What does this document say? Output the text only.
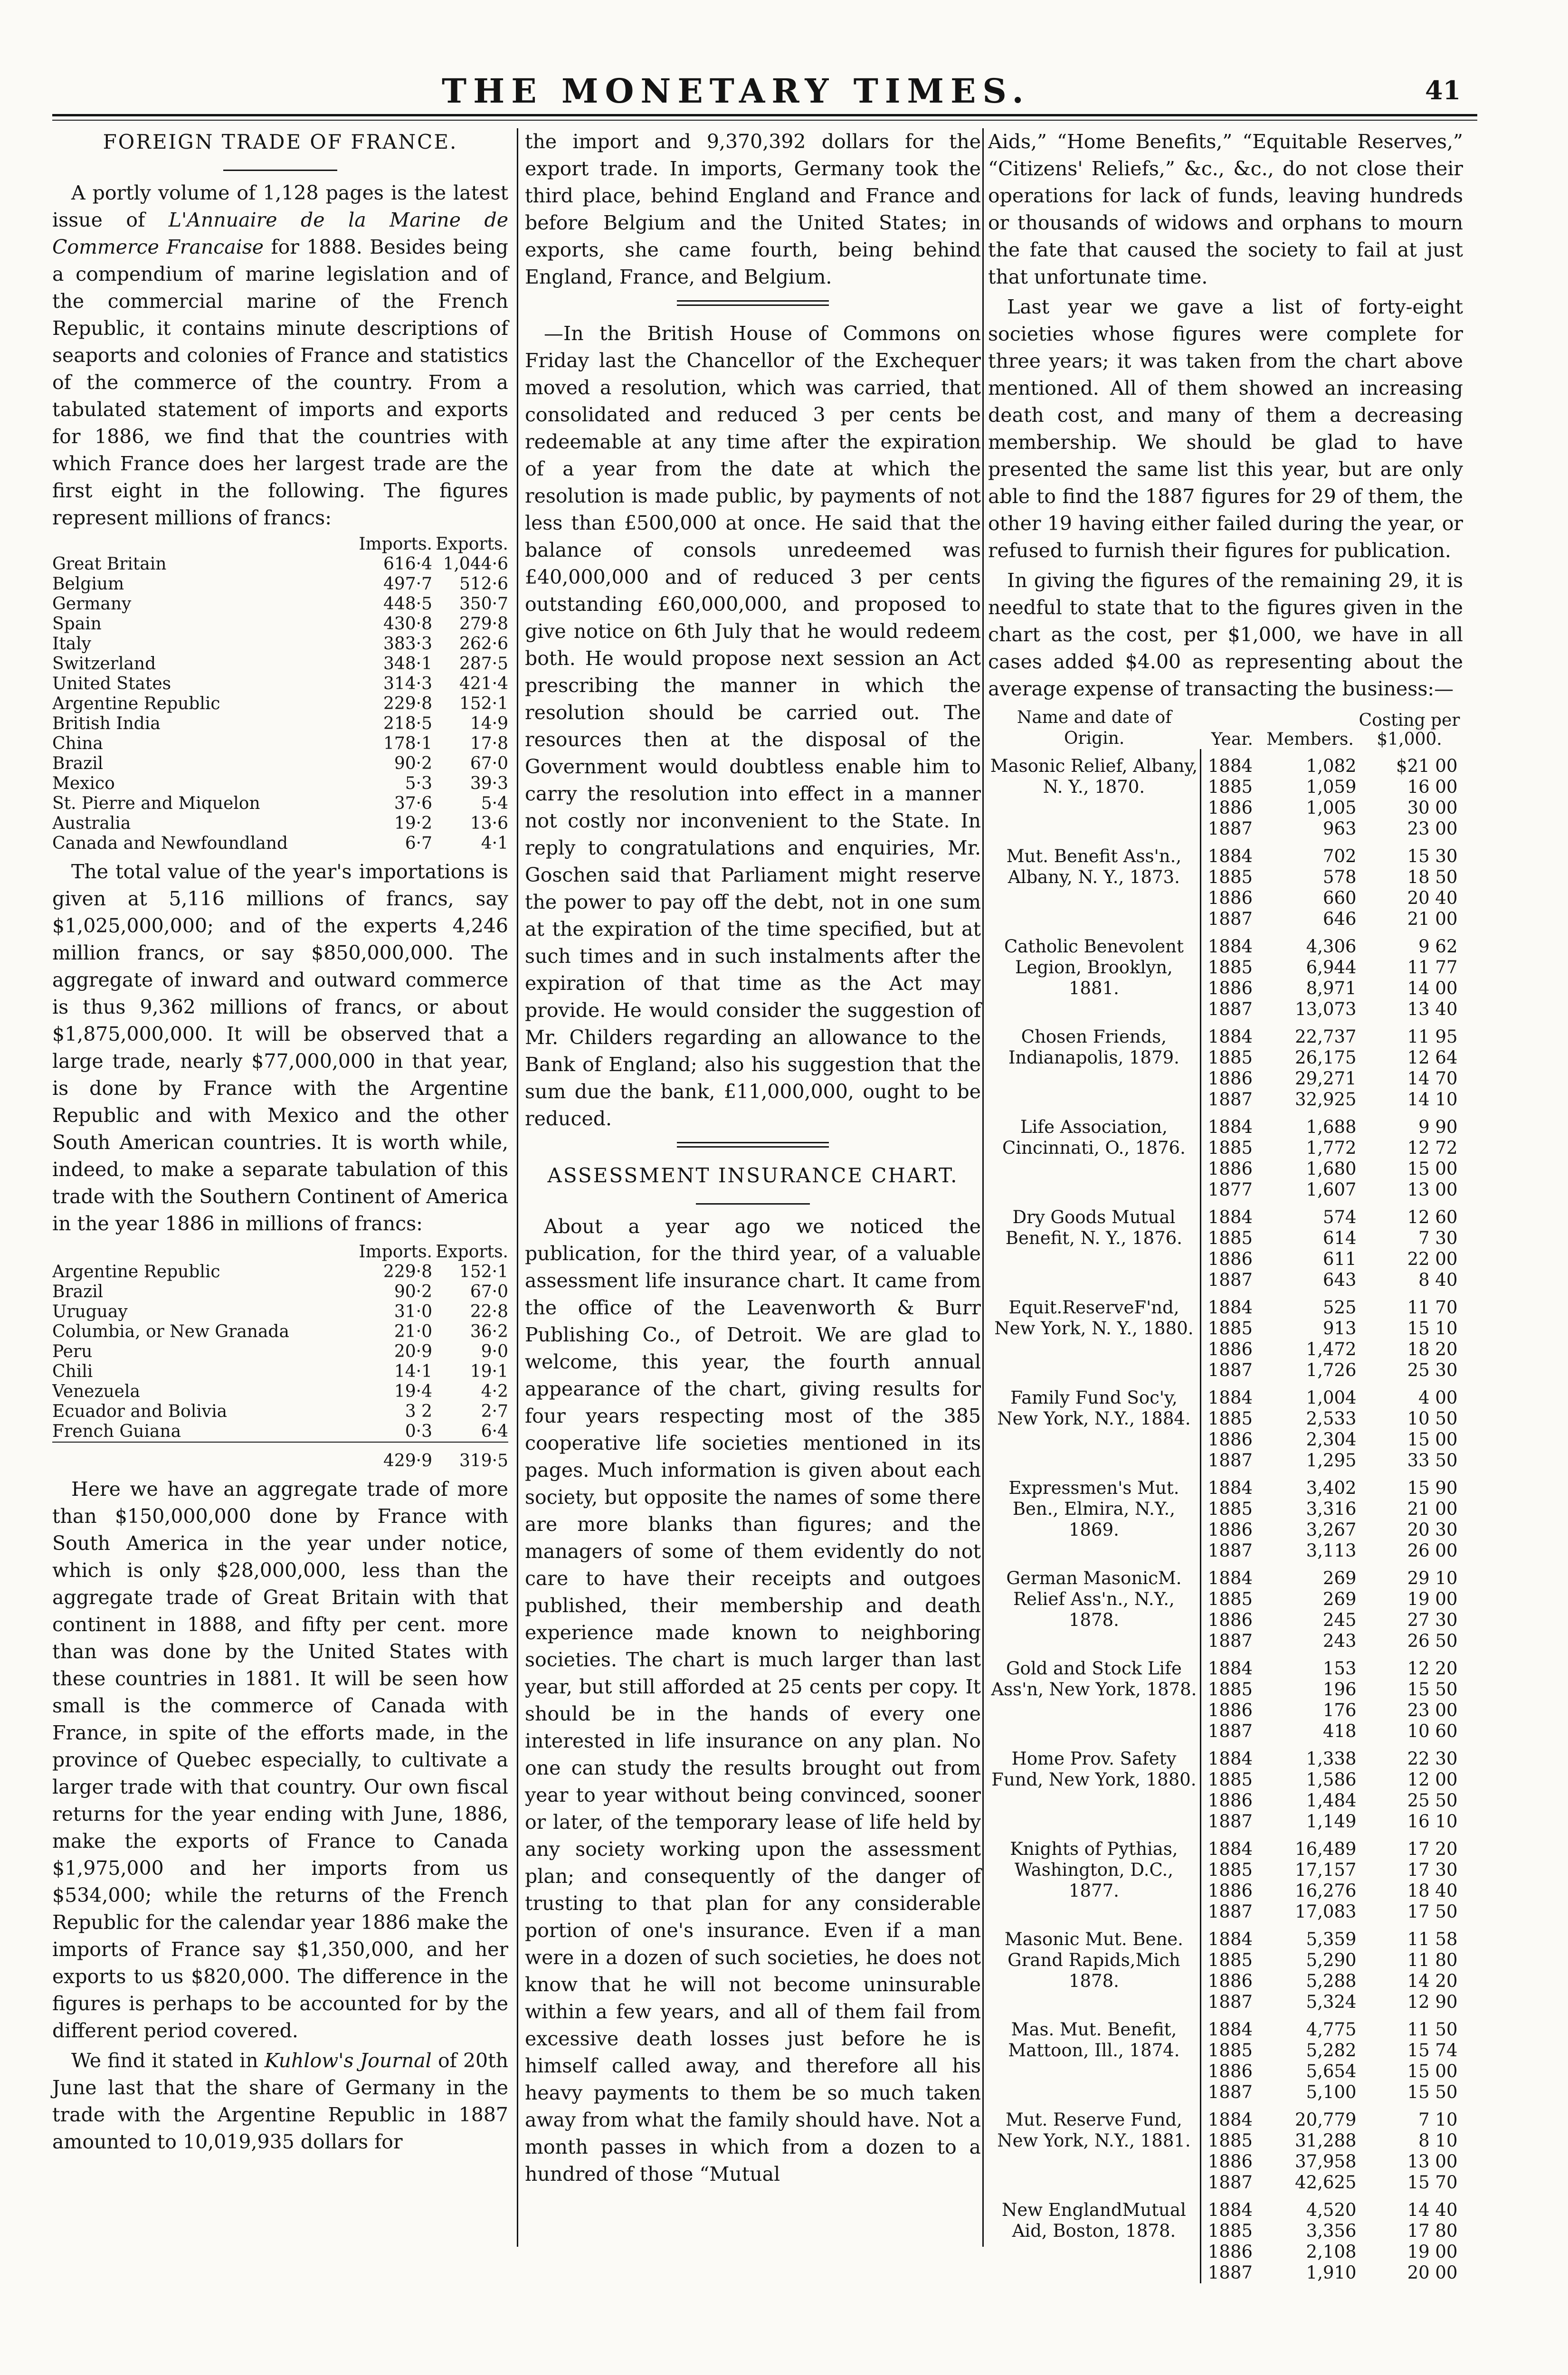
THE MONETARY TIMES.	41
FOREIGN TRADE OF FRANCE.

A portly volume of 1,128 pages is the latest issue of L'Annuaire de la Marine de Commerce Francaise for 1888. Besides being a compendium of marine legislation and of the commercial marine of the French Republic, it contains minute descriptions of seaports and colonies of France and statistics of the commerce of the country. From a tabulated statement of imports and exports for 1886, we find that the countries with which France does her largest trade are the first eight in the following. The figures represent millions of francs:

	Imports.	Exports.
Great Britain	616·4	1,044·6
Belgium	497·7	512·6
Germany	448·5	350·7
Spain	430·8	279·8
Italy	383·3	262·6
Switzerland	348·1	287·5
United States	314·3	421·4
Argentine Republic	229·8	152·1
British India	218·5	14·9
China	178·1	17·8
Brazil	90·2	67·0
Mexico	5·3	39·3
St. Pierre and Miquelon	37·6	5·4
Australia	19·2	13·6
Canada and Newfoundland	6·7	4·1

The total value of the year's importations is given at 5,116 millions of francs, say $1,025,000,000; and of the experts 4,246 million francs, or say $850,000,000. The aggregate of inward and outward commerce is thus 9,362 millions of francs, or about $1,875,000,000. It will be observed that a large trade, nearly $77,000,000 in that year, is done by France with the Argentine Republic and with Mexico and the other South American countries. It is worth while, indeed, to make a separate tabulation of this trade with the Southern Continent of America in the year 1886 in millions of francs:

	Imports.	Exports.
Argentine Republic	229·8	152·1
Brazil	90·2	67·0
Uruguay	31·0	22·8
Columbia, or New Granada	21·0	36·2
Peru	20·9	9·0
Chili	14·1	19·1
Venezuela	19·4	4·2
Ecuador and Bolivia	3 2	2·7
French Guiana	0·3	6·4
	429·9	319·5

Here we have an aggregate trade of more than $150,000,000 done by France with South America in the year under notice, which is only $28,000,000, less than the aggregate trade of Great Britain with that continent in 1888, and fifty per cent. more than was done by the United States with these countries in 1881. It will be seen how small is the commerce of Canada with France, in spite of the efforts made, in the province of Quebec especially, to cultivate a larger trade with that country. Our own fiscal returns for the year ending with June, 1886, make the exports of France to Canada $1,975,000 and her imports from us $534,000; while the returns of the French Republic for the calendar year 1886 make the imports of France say $1,350,000, and her exports to us $820,000. The difference in the figures is perhaps to be accounted for by the different period covered.

We find it stated in Kuhlow's Journal of 20th June last that the share of Germany in the trade with the Argentine Republic in 1887 amounted to 10,019,935 dollars for

the import and 9,370,392 dollars for the export trade. In imports, Germany took the third place, behind England and France and before Belgium and the United States; in exports, she came fourth, being behind England, France, and Belgium.

—In the British House of Commons on Friday last the Chancellor of the Exchequer moved a resolution, which was carried, that consolidated and reduced 3 per cents be redeemable at any time after the expiration of a year from the date at which the resolution is made public, by payments of not less than £500,000 at once. He said that the balance of consols unredeemed was £40,000,000 and of reduced 3 per cents outstanding £60,000,000, and proposed to give notice on 6th July that he would redeem both. He would propose next session an Act prescribing the manner in which the resolution should be carried out. The resources then at the disposal of the Government would doubtless enable him to carry the resolution into effect in a manner not costly nor inconvenient to the State. In reply to congratulations and enquiries, Mr. Goschen said that Parliament might reserve the power to pay off the debt, not in one sum at the expiration of the time specified, but at such times and in such instalments after the expiration of that time as the Act may provide. He would consider the suggestion of Mr. Childers regarding an allowance to the Bank of England; also his suggestion that the sum due the bank, £11,000,000, ought to be reduced.

ASSESSMENT INSURANCE CHART.

About a year ago we noticed the publication, for the third year, of a valuable assessment life insurance chart. It came from the office of the Leavenworth & Burr Publishing Co., of Detroit. We are glad to welcome, this year, the fourth annual appearance of the chart, giving results for four years respecting most of the 385 cooperative life societies mentioned in its pages. Much information is given about each society, but opposite the names of some there are more blanks than figures; and the managers of some of them evidently do not care to have their receipts and outgoes published, their membership and death experience made known to neighboring societies. The chart is much larger than last year, but still afforded at 25 cents per copy. It should be in the hands of every one interested in life insurance on any plan. No one can study the results brought out from year to year without being convinced, sooner or later, of the temporary lease of life held by any society working upon the assessment plan; and consequently of the danger of trusting to that plan for any considerable portion of one's insurance. Even if a man were in a dozen of such societies, he does not know that he will not become uninsurable within a few years, and all of them fail from excessive death losses just before he is himself called away, and therefore all his heavy payments to them be so much taken away from what the family should have. Not a month passes in which from a dozen to a hundred of those “Mutual

Aids,” “Home Benefits,” “Equitable Reserves,” “Citizens' Reliefs,” &c., &c., do not close their operations for lack of funds, leaving hundreds or thousands of widows and orphans to mourn the fate that caused the society to fail at just that unfortunate time.

Last year we gave a list of forty-eight societies whose figures were complete for three years; it was taken from the chart above mentioned. All of them showed an increasing death cost, and many of them a decreasing membership. We should be glad to have presented the same list this year, but are only able to find the 1887 figures for 29 of them, the other 19 having either failed during the year, or refused to furnish their figures for publication.

In giving the figures of the remaining 29, it is needful to state that to the figures given in the chart as the cost, per $1,000, we have in all cases added $4.00 as representing about the average expense of transacting the business:—

Name and date of Origin.	Year.	Members.	Costing per $1,000.
Masonic Relief, Albany, N. Y., 1870.	1884	1,082	$21 00
	1885	1,059	16 00
	1886	1,005	30 00
	1887	963	23 00
Mut. Benefit Ass'n., Albany, N. Y., 1873.	1884	702	15 30
	1885	578	18 50
	1886	660	20 40
	1887	646	21 00
Catholic Benevolent Legion, Brooklyn, 1881.	1884	4,306	9 62
	1885	6,944	11 77
	1886	8,971	14 00
	1887	13,073	13 40
Chosen Friends, Indianapolis, 1879.	1884	22,737	11 95
	1885	26,175	12 64
	1886	29,271	14 70
	1887	32,925	14 10
Life Association, Cincinnati, O., 1876.	1884	1,688	9 90
	1885	1,772	12 72
	1886	1,680	15 00
	1877	1,607	13 00
Dry Goods Mutual Benefit, N. Y., 1876.	1884	574	12 60
	1885	614	7 30
	1886	611	22 00
	1887	643	8 40
Equit.ReserveF'nd, New York, N. Y., 1880.	1884	525	11 70
	1885	913	15 10
	1886	1,472	18 20
	1887	1,726	25 30
Family Fund Soc'y, New York, N.Y., 1884.	1884	1,004	4 00
	1885	2,533	10 50
	1886	2,304	15 00
	1887	1,295	33 50
Expressmen's Mut. Ben., Elmira, N.Y., 1869.	1884	3,402	15 90
	1885	3,316	21 00
	1886	3,267	20 30
	1887	3,113	26 00
German MasonicM. Relief Ass'n., N.Y., 1878.	1884	269	29 10
	1885	269	19 00
	1886	245	27 30
	1887	243	26 50
Gold and Stock Life Ass'n, New York, 1878.	1884	153	12 20
	1885	196	15 50
	1886	176	23 00
	1887	418	10 60
Home Prov. Safety Fund, New York, 1880.	1884	1,338	22 30
	1885	1,586	12 00
	1886	1,484	25 50
	1887	1,149	16 10
Knights of Pythias, Washington, D.C., 1877.	1884	16,489	17 20
	1885	17,157	17 30
	1886	16,276	18 40
	1887	17,083	17 50
Masonic Mut. Bene. Grand Rapids,Mich 1878.	1884	5,359	11 58
	1885	5,290	11 80
	1886	5,288	14 20
	1887	5,324	12 90
Mas. Mut. Benefit, Mattoon, Ill., 1874.	1884	4,775	11 50
	1885	5,282	15 74
	1886	5,654	15 00
	1887	5,100	15 50
Mut. Reserve Fund, New York, N.Y., 1881.	1884	20,779	7 10
	1885	31,288	8 10
	1886	37,958	13 00
	1887	42,625	15 70
New EnglandMutual Aid, Boston, 1878.	1884	4,520	14 40
	1885	3,356	17 80
	1886	2,108	19 00
	1887	1,910	20 00
